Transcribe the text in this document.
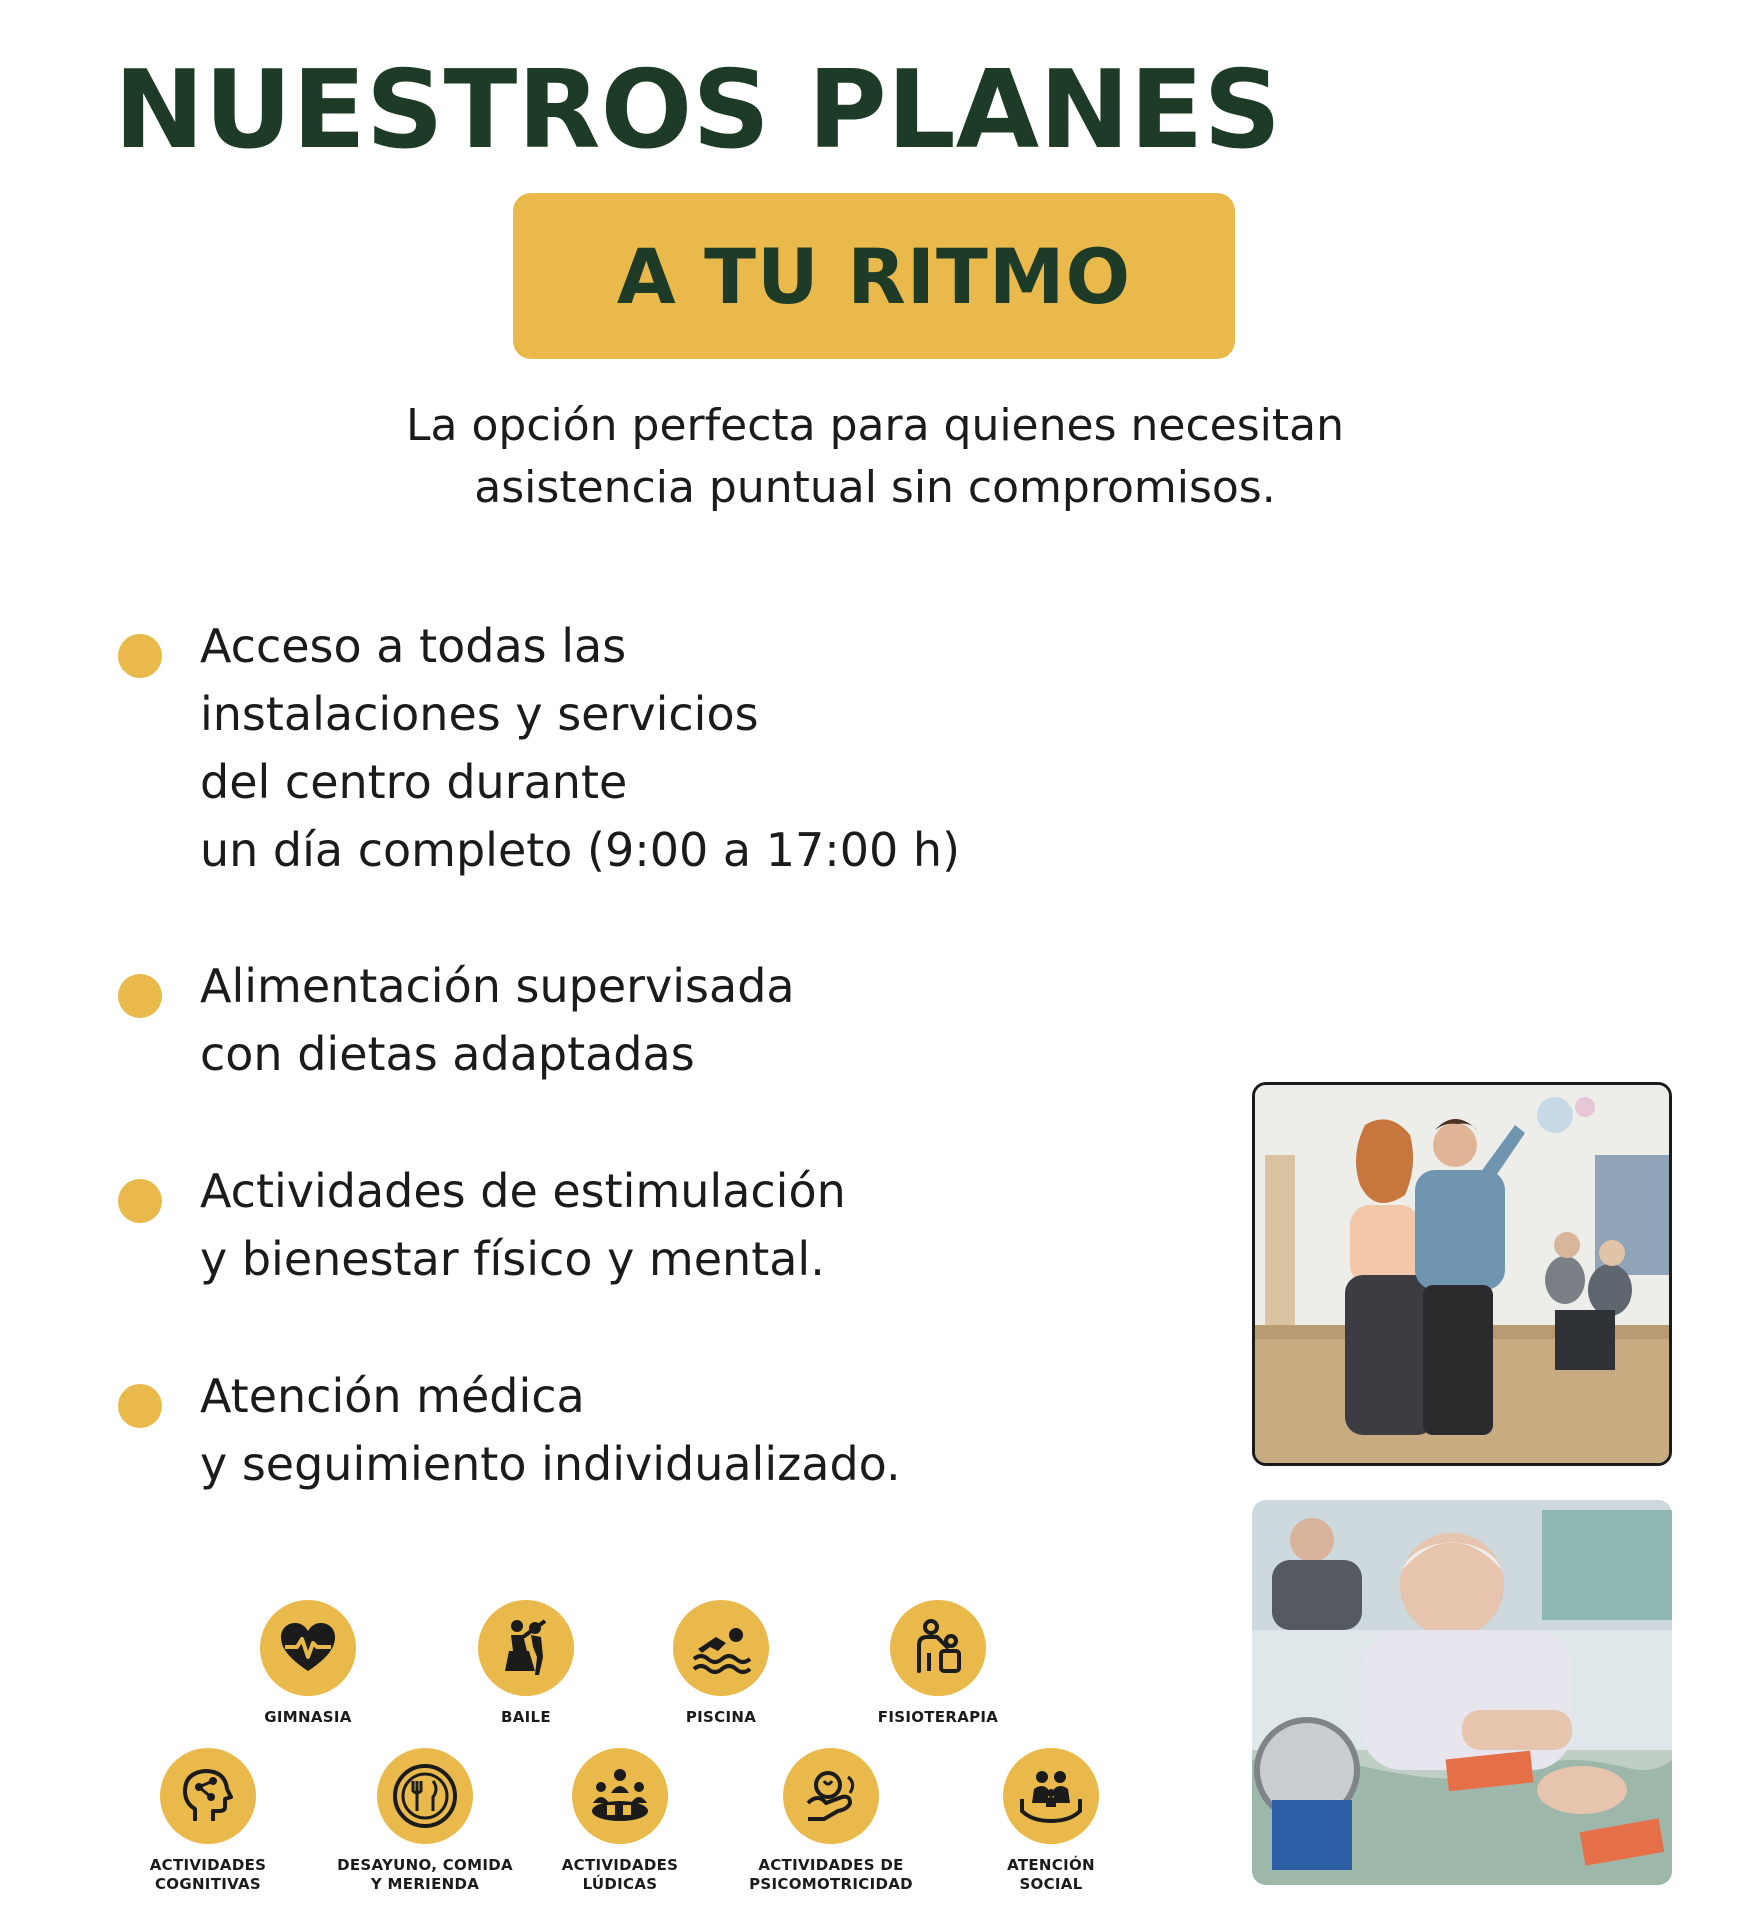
NUESTROS PLANES
A TU RITMO
La opción perfecta para quienes necesitan
asistencia puntual sin compromisos.
Acceso a todas las
instalaciones y servicios
del centro durante
un día completo (9:00 a 17:00 h)
Alimentación supervisada
con dietas adaptadas
Actividades de estimulación
y bienestar físico y mental.
Atención médica
y seguimiento individualizado.
GIMNASIA	BAILE	PISCINA	FISIOTERAPIA
ACTIVIDADES
COGNITIVAS
DESAYUNO, COMIDA
Y MERIENDA
ACTIVIDADES
LÚDICAS
ACTIVIDADES DE
PSICOMOTRICIDAD
ATENCIÓN
SOCIAL
